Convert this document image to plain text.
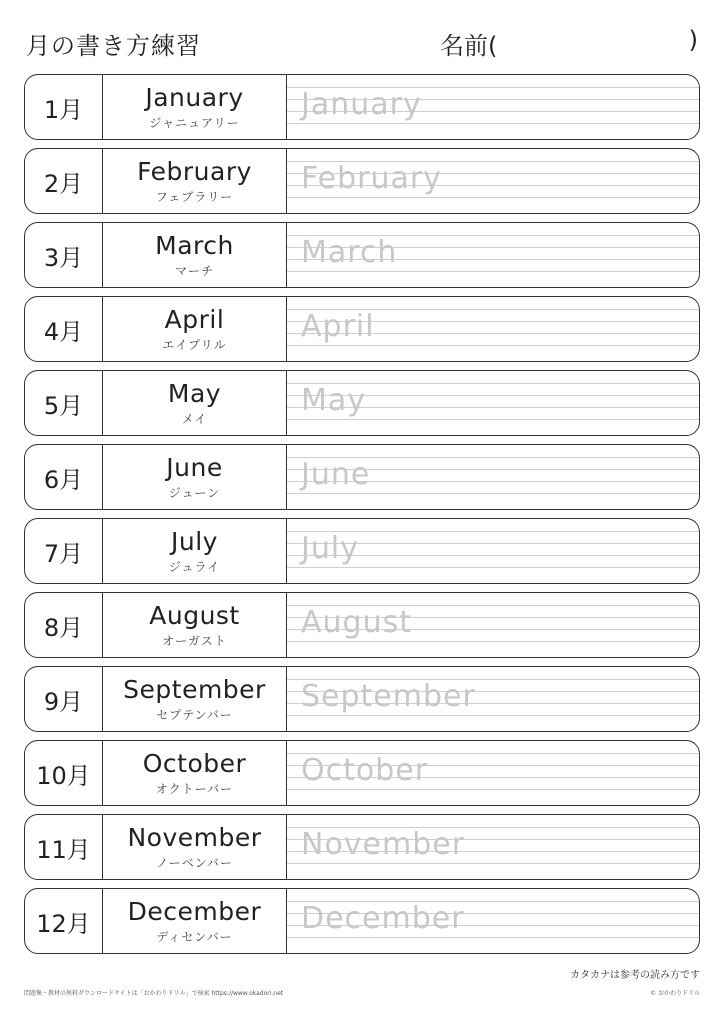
月の書き方練習	名前(	)
1月	January
ジャニュアリー
January
2月	February
フェブラリー
February
3月	March
マーチ
March
4月	April
エイプリル
April
5月	May
メイ
May
6月	June
ジューン
June
7月	July
ジュライ
July
8月	August
オーガスト
August
9月	September
セプテンバー
September
10月	October
オクトーバー
October
11月	November
ノーベンバー
November
12月	December
ディセンバー
December
カタカナは参考の読み方です
問題集・教材の無料ダウンロードサイトは「おかわりドリル」で検索 https://www.okadori.net	© おかわりドリル
